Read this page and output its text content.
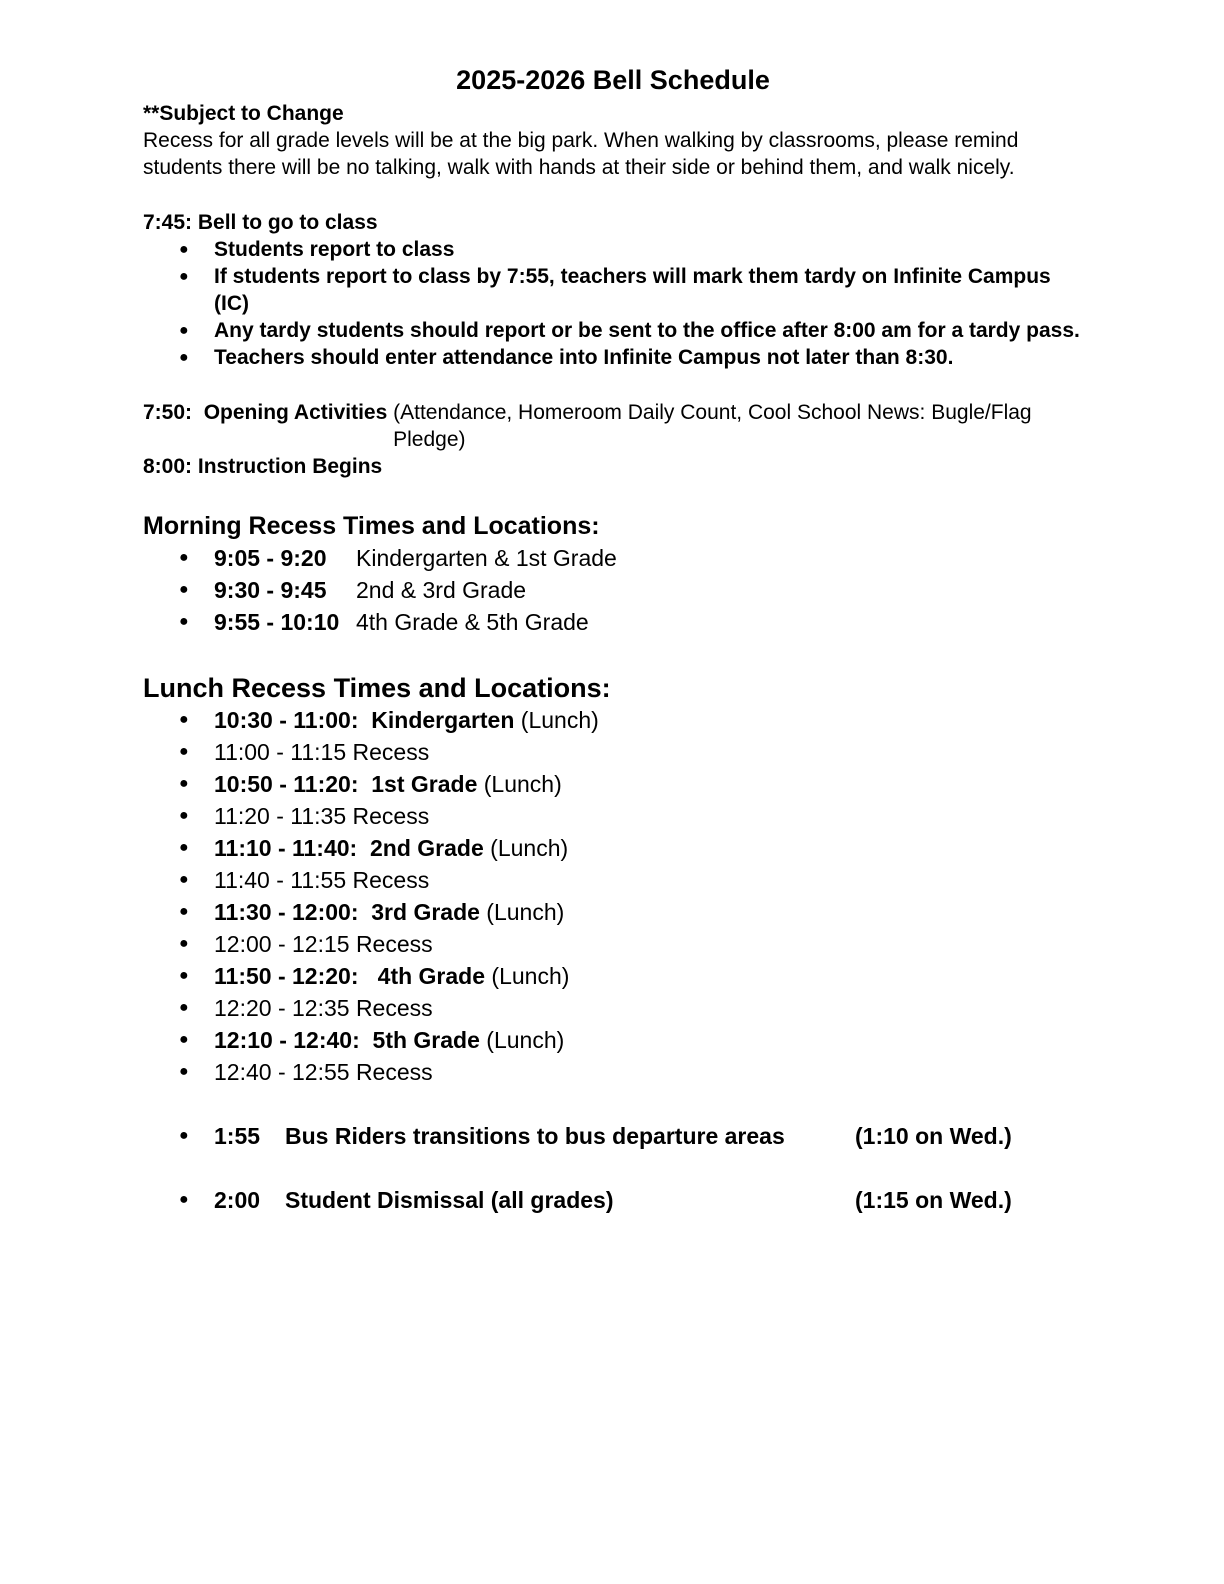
2025-2026 Bell Schedule
**Subject to Change
Recess for all grade levels will be at the big park. When walking by classrooms, please remind students there will be no talking, walk with hands at their side or behind them, and walk nicely.
7:45: Bell to go to class
● Students report to class
● If students report to class by 7:55, teachers will mark them tardy on Infinite Campus (IC)
● Any tardy students should report or be sent to the office after 8:00 am for a tardy pass.
● Teachers should enter attendance into Infinite Campus not later than 8:30.
7:50:  Opening Activities (Attendance, Homeroom Daily Count, Cool School News: Bugle/Flag Pledge)
8:00: Instruction Begins
Morning Recess Times and Locations:
● 9:05 - 9:20 Kindergarten & 1st Grade
● 9:30 - 9:45 2nd & 3rd Grade
● 9:55 - 10:10 4th Grade & 5th Grade
Lunch Recess Times and Locations:
● 10:30 - 11:00:  Kindergarten (Lunch)
● 11:00 - 11:15 Recess
● 10:50 - 11:20:  1st Grade (Lunch)
● 11:20 - 11:35 Recess
● 11:10 - 11:40:  2nd Grade (Lunch)
● 11:40 - 11:55 Recess
● 11:30 - 12:00:  3rd Grade (Lunch)
● 12:00 - 12:15 Recess
● 11:50 - 12:20:   4th Grade (Lunch)
● 12:20 - 12:35 Recess
● 12:10 - 12:40:  5th Grade (Lunch)
● 12:40 - 12:55 Recess
● 1:55 Bus Riders transitions to bus departure areas	(1:10 on Wed.)
● 2:00 Student Dismissal (all grades)	(1:15 on Wed.)
